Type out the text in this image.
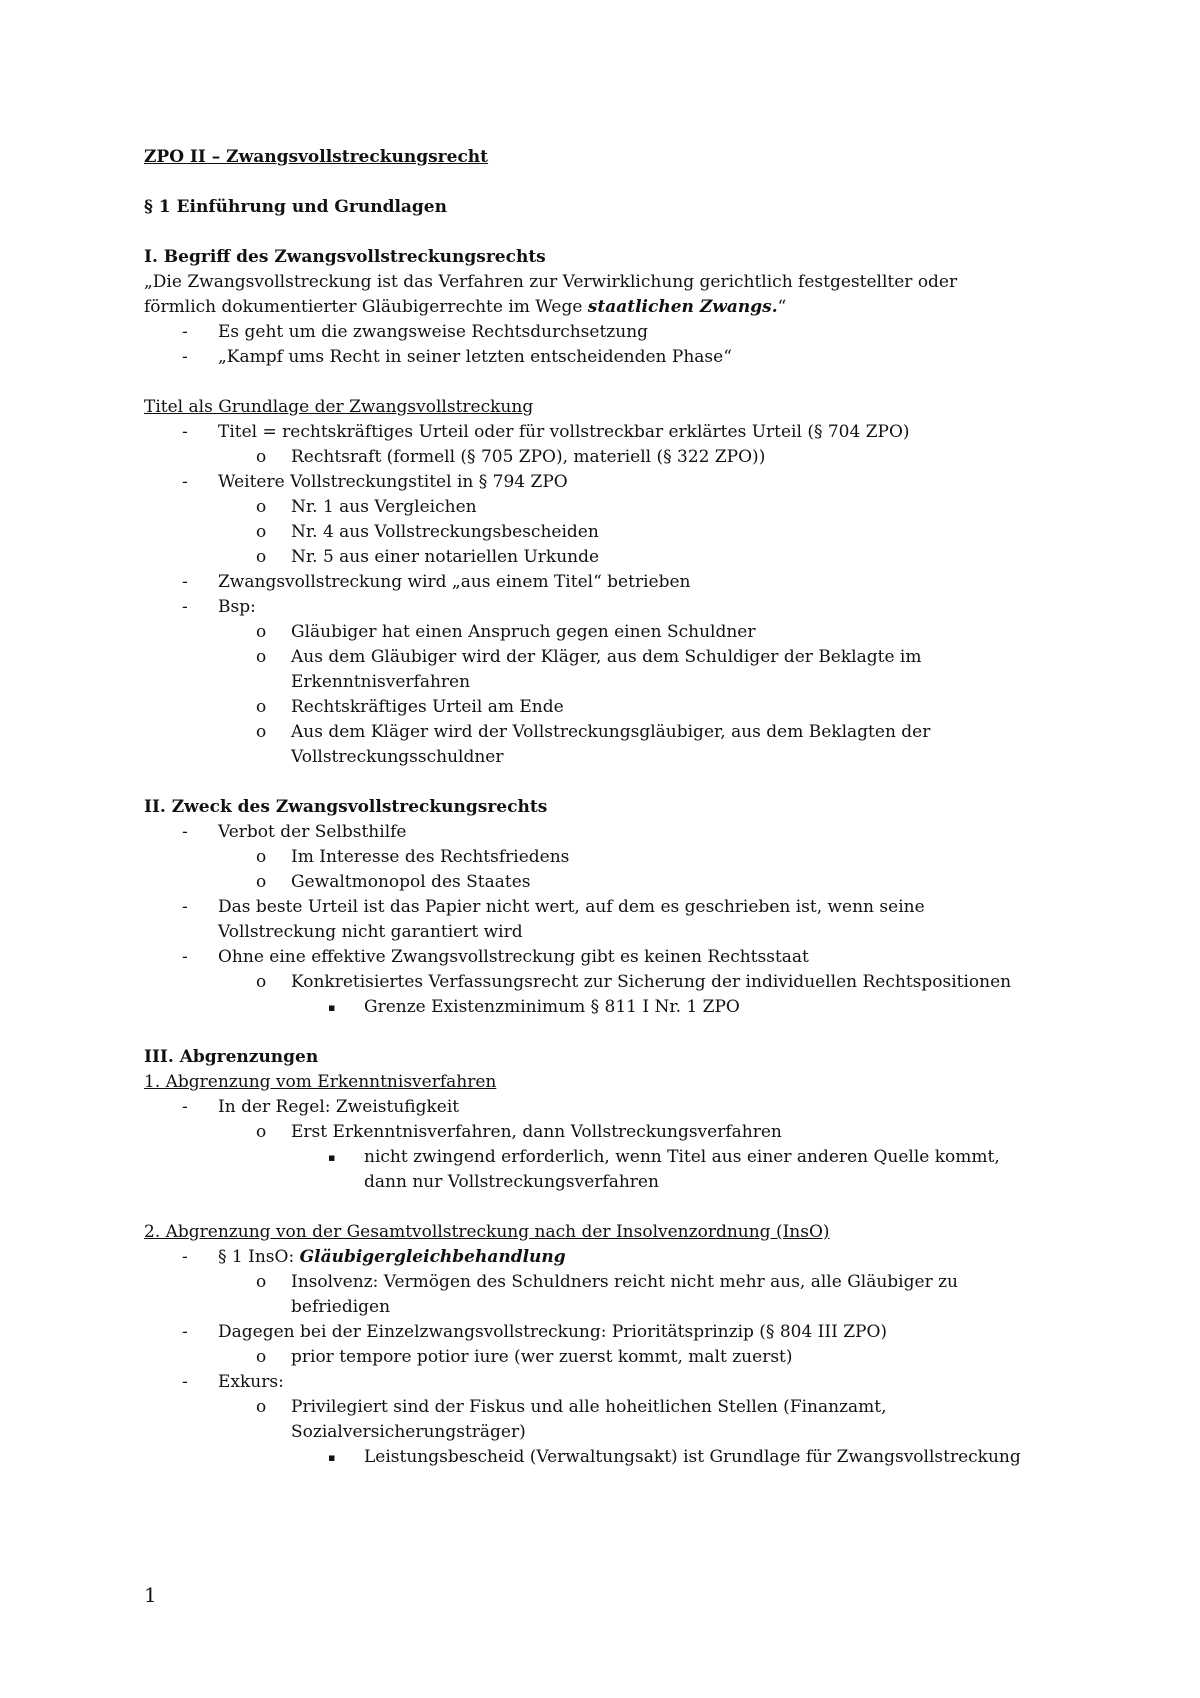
ZPO II – Zwangsvollstreckungsrecht
§ 1 Einführung und Grundlagen
I. Begriff des Zwangsvollstreckungsrechts
„Die Zwangsvollstreckung ist das Verfahren zur Verwirklichung gerichtlich festgestellter oder
förmlich dokumentierter Gläubigerrechte im Wege staatlichen Zwangs.“
- Es geht um die zwangsweise Rechtsdurchsetzung
- „Kampf ums Recht in seiner letzten entscheidenden Phase“
Titel als Grundlage der Zwangsvollstreckung
- Titel = rechtskräftiges Urteil oder für vollstreckbar erklärtes Urteil (§ 704 ZPO)
o Rechtsraft (formell (§ 705 ZPO), materiell (§ 322 ZPO))
- Weitere Vollstreckungstitel in § 794 ZPO
o Nr. 1 aus Vergleichen
o Nr. 4 aus Vollstreckungsbescheiden
o Nr. 5 aus einer notariellen Urkunde
- Zwangsvollstreckung wird „aus einem Titel“ betrieben
- Bsp:
o Gläubiger hat einen Anspruch gegen einen Schuldner
o Aus dem Gläubiger wird der Kläger, aus dem Schuldiger der Beklagte im
Erkenntnisverfahren
o Rechtskräftiges Urteil am Ende
o Aus dem Kläger wird der Vollstreckungsgläubiger, aus dem Beklagten der
Vollstreckungsschuldner
II. Zweck des Zwangsvollstreckungsrechts
- Verbot der Selbsthilfe
o Im Interesse des Rechtsfriedens
o Gewaltmonopol des Staates
- Das beste Urteil ist das Papier nicht wert, auf dem es geschrieben ist, wenn seine
Vollstreckung nicht garantiert wird
- Ohne eine effektive Zwangsvollstreckung gibt es keinen Rechtsstaat
o Konkretisiertes Verfassungsrecht zur Sicherung der individuellen Rechtspositionen
▪ Grenze Existenzminimum § 811 I Nr. 1 ZPO
III. Abgrenzungen
1. Abgrenzung vom Erkenntnisverfahren
- In der Regel: Zweistufigkeit
o Erst Erkenntnisverfahren, dann Vollstreckungsverfahren
▪ nicht zwingend erforderlich, wenn Titel aus einer anderen Quelle kommt,
dann nur Vollstreckungsverfahren
2. Abgrenzung von der Gesamtvollstreckung nach der Insolvenzordnung (InsO)
- § 1 InsO: Gläubigergleichbehandlung
o Insolvenz: Vermögen des Schuldners reicht nicht mehr aus, alle Gläubiger zu
befriedigen
- Dagegen bei der Einzelzwangsvollstreckung: Prioritätsprinzip (§ 804 III ZPO)
o prior tempore potior iure (wer zuerst kommt, malt zuerst)
- Exkurs:
o Privilegiert sind der Fiskus und alle hoheitlichen Stellen (Finanzamt,
Sozialversicherungsträger)
▪ Leistungsbescheid (Verwaltungsakt) ist Grundlage für Zwangsvollstreckung
1
